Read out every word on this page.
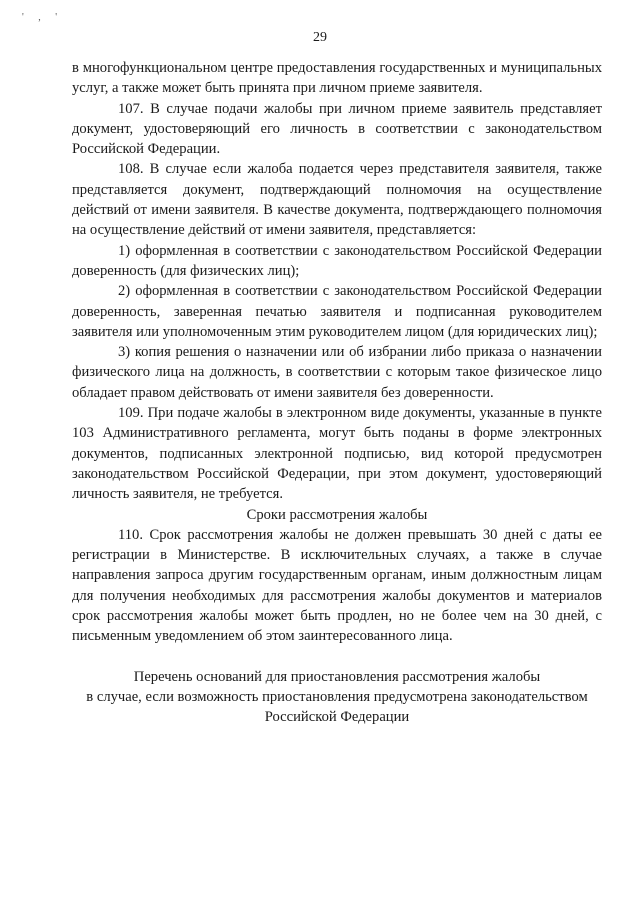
' , '
29

в многофункциональном центре предоставления государственных и муниципальных услуг, а также может быть принята при личном приеме заявителя.

107. В случае подачи жалобы при личном приеме заявитель представляет документ, удостоверяющий его личность в соответствии с законодательством Российской Федерации.

108. В случае если жалоба подается через представителя заявителя, также представляется документ, подтверждающий полномочия на осуществление действий от имени заявителя. В качестве документа, подтверждающего полномочия на осуществление действий от имени заявителя, представляется:

1) оформленная в соответствии с законодательством Российской Федерации доверенность (для физических лиц);

2) оформленная в соответствии с законодательством Российской Федерации доверенность, заверенная печатью заявителя и подписанная руководителем заявителя или уполномоченным этим руководителем лицом (для юридических лиц);

3) копия решения о назначении или об избрании либо приказа о назначении физического лица на должность, в соответствии с которым такое физическое лицо обладает правом действовать от имени заявителя без доверенности.

109. При подаче жалобы в электронном виде документы, указанные в пункте 103 Административного регламента, могут быть поданы в форме электронных документов, подписанных электронной подписью, вид которой предусмотрен законодательством Российской Федерации, при этом документ, удостоверяющий личность заявителя, не требуется.

Сроки рассмотрения жалобы

110. Срок рассмотрения жалобы не должен превышать 30 дней с даты ее регистрации в Министерстве. В исключительных случаях, а также в случае направления запроса другим государственным органам, иным должностным лицам для получения необходимых для рассмотрения жалобы документов и материалов срок рассмотрения жалобы может быть продлен, но не более чем на 30 дней, с письменным уведомлением об этом заинтересованного лица.

Перечень оснований для приостановления рассмотрения жалобы
в случае, если возможность приостановления предусмотрена законодательством
Российской Федерации
